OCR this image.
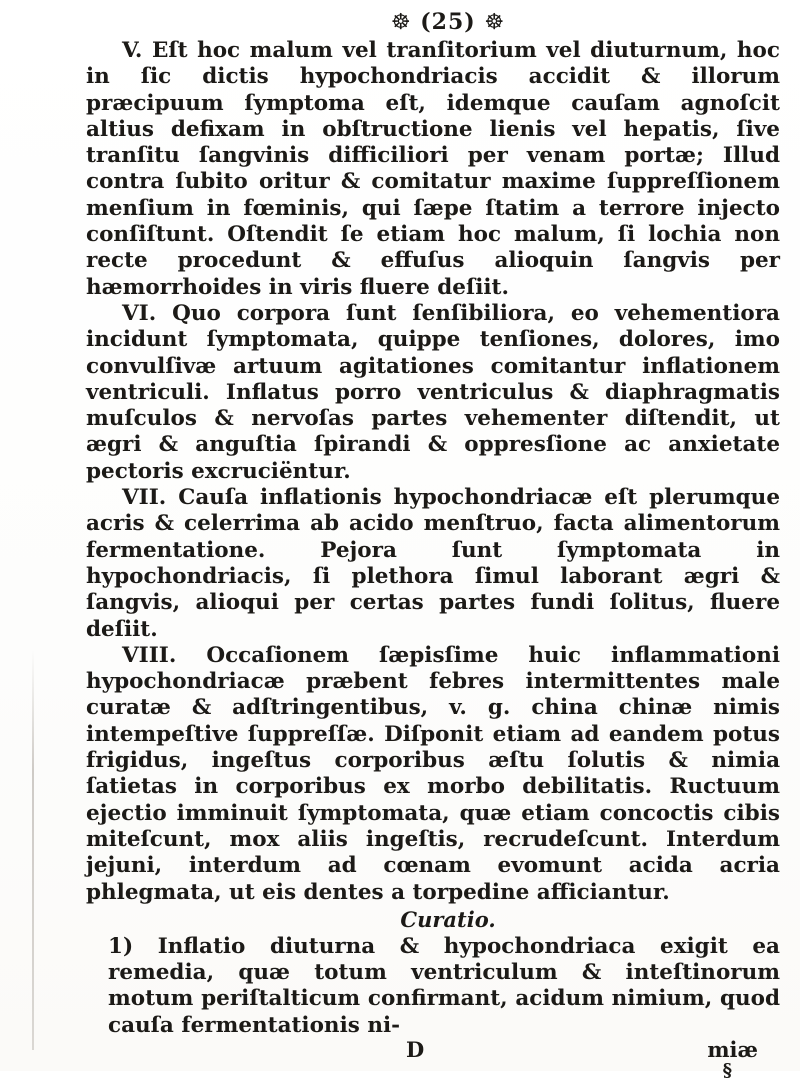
☸ (25) ☸

V. Eſt hoc malum vel tranſitorium vel diuturnum, hoc in ſic dictis hypochondriacis accidit & illorum præcipuum ſymptoma eſt, idemque cauſam agnoſcit altius defixam in obſtructione lienis vel hepatis, ſive tranſitu ſangvinis difficiliori per venam portæ; Illud contra ſubito oritur & comitatur maxime ſuppreſſionem menſium in fœminis, qui ſæpe ſtatim a terrore injecto conſiſtunt. Oſtendit ſe etiam hoc malum, ſi lochia non recte procedunt & effuſus alioquin ſangvis per hæmorrhoides in viris fluere deſiit.

VI. Quo corpora ſunt ſenſibiliora, eo vehementiora incidunt ſymptomata, quippe tenſiones, dolores, imo convulſivæ artuum agitationes comitantur inflationem ventriculi. Inflatus porro ventriculus & diaphragmatis muſculos & nervoſas partes vehementer diſtendit, ut ægri & anguſtia ſpirandi & oppresſione ac anxietate pectoris excruciëntur.

VII. Cauſa inflationis hypochondriacæ eſt plerumque acris & celerrima ab acido menſtruo, facta alimentorum fermentatione. Pejora ſunt ſymptomata in hypochondriacis, ſi plethora ſimul laborant ægri & ſangvis, alioqui per certas partes fundi ſolitus, fluere deſiit.

VIII. Occaſionem ſæpisſime huic inflammationi hypochondriacæ præbent febres intermittentes male curatæ & adſtringentibus, v. g. china chinæ nimis intempeſtive ſuppreſſæ. Diſponit etiam ad eandem potus frigidus, ingeſtus corporibus æſtu ſolutis & nimia ſatietas in corporibus ex morbo debilitatis. Ructuum ejectio imminuit ſymptomata, quæ etiam concoctis cibis miteſcunt, mox aliis ingeſtis, recrudeſcunt. Interdum jejuni, interdum ad cœnam evomunt acida acria phlegmata, ut eis dentes a torpedine afficiantur.

Curatio.

1) Inflatio diuturna & hypochondriaca exigit ea remedia, quæ totum ventriculum & inteſtinorum motum periſtalticum confirmant, acidum nimium, quod cauſa fermentationis ni-

D	miæ
§
